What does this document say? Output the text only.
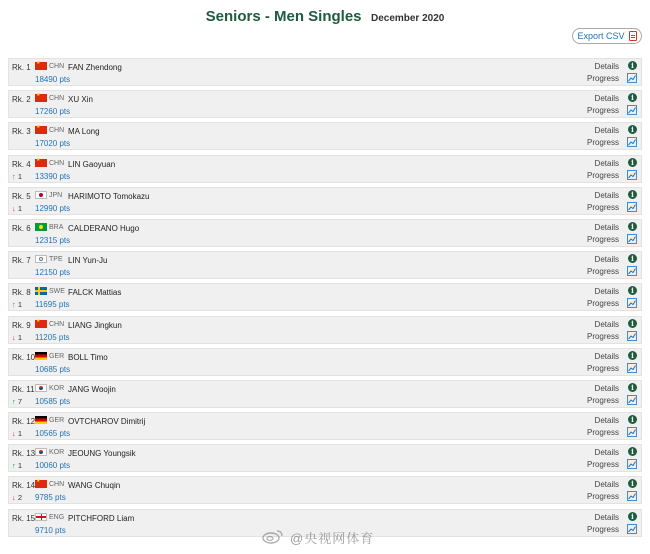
Seniors - Men Singles December 2020
Export CSV
Rk. 1 ★	CHN FAN Zhendong
18490 pts
Details	i
Progress
Rk. 2 ★	CHN XU Xin
17260 pts
Details	i
Progress
Rk. 3 ★	CHN MA Long
17020 pts
Details	i
Progress
Rk. 4 ★	CHN LIN Gaoyuan
↑ 1 13390 pts
Details	i
Progress
Rk. 5	JPN HARIMOTO Tomokazu
↓ 1 12990 pts
Details	i
Progress
Rk. 6	BRA CALDERANO Hugo
12315 pts
Details	i
Progress
Rk. 7	TPE LIN Yun-Ju
12150 pts
Details	i
Progress
Rk. 8	SWE FALCK Mattias
↑ 1 11695 pts
Details	i
Progress
Rk. 9 ★	CHN LIANG Jingkun
↓ 1 11205 pts
Details	i
Progress
Rk. 10 GER BOLL Timo
10685 pts
Details	i
Progress
Rk. 11 KOR JANG Woojin
↑ 7 10585 pts
Details	i
Progress
Rk. 12 GER OVTCHAROV Dimitrij
↓ 1 10565 pts
Details	i
Progress
Rk. 13 KOR JEOUNG Youngsik
↑ 1 10060 pts
Details	i
Progress
Rk. 14 ★ CHN WANG Chuqin
↓ 2 9785 pts
Details	i
Progress
Rk. 15 ENG PITCHFORD Liam
9710 pts
Details	i
Progress
@央视网体育
